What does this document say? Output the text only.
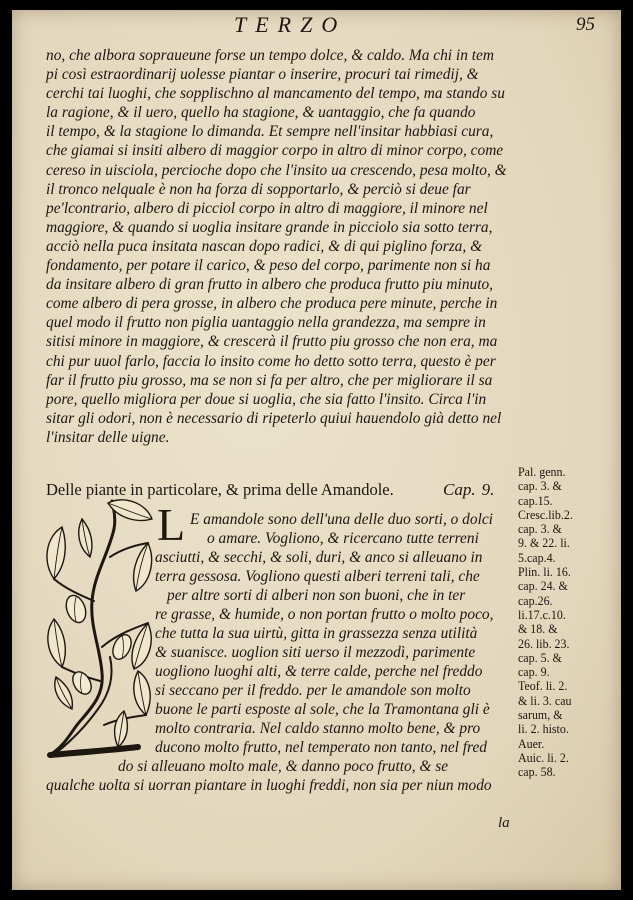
TERZO	95
no, che albora sopraueune forse un tempo dolce, & caldo. Ma chi in tem
pi così estraordinarij uolesse piantar o inserire, procuri tai rimedij, &
cerchi tai luoghi, che sopplischno al mancamento del tempo, ma stando su
la ragione, & il uero, quello ha stagione, & uantaggio, che fa quando
il tempo, & la stagione lo dimanda. Et sempre nell'insitar habbiasi cura,
che giamai si insiti albero di maggior corpo in altro di minor corpo, come
cereso in uisciola, percioche dopo che l'insito ua crescendo, pesa molto, &
il tronco nelquale è non ha forza di sopportarlo, & perciò si deue far
pe'lcontrario, albero di picciol corpo in altro di maggiore, il minore nel
maggiore, & quando si uoglia insitare grande in picciolo sia sotto terra,
acciò nella puca insitata nascan dopo radici, & di qui piglino forza, &
fondamento, per potare il carico, & peso del corpo, parimente non si ha
da insitare albero di gran frutto in albero che produca frutto piu minuto,
come albero di pera grosse, in albero che produca pere minute, perche in
quel modo il frutto non piglia uantaggio nella grandezza, ma sempre in
sitisi minore in maggiore, & crescerà il frutto piu grosso che non era, ma
chi pur uuol farlo, faccia lo insito come ho detto sotto terra, questo è per
far il frutto piu grosso, ma se non si fa per altro, che per migliorare il sa
pore, quello migliora per doue si uoglia, che sia fatto l'insito. Circa l'in
sitar gli odori, non è necessario di ripeterlo quiui hauendolo già detto nel
l'insitar delle uigne.
Delle piante in particolare, & prima delle Amandole.	Cap. 9.
L E amandole sono dell'una delle duo sorti, o dolci
o amare. Vogliono, & ricercano tutte terreni
asciutti, & secchi, & soli, duri, & anco si alleuano in
terra gessosa. Vogliono questi alberi terreni tali, che
per altre sorti di alberi non son buoni, che in ter
re grasse, & humide, o non portan frutto o molto poco,
che tutta la sua uirtù, gitta in grassezza senza utilità
& suanisce. uoglion siti uerso il mezzodì, parimente
uogliono luoghi alti, & terre calde, perche nel freddo
si seccano per il freddo. per le amandole son molto
buone le parti esposte al sole, che la Tramontana gli è
molto contraria. Nel caldo stanno molto bene, & pro
ducono molto frutto, nel temperato non tanto, nel fred
do si alleuano molto male, & danno poco frutto, & se
qualche uolta si uorran piantare in luoghi freddi, non sia per niun modo
Pal. genn.
cap. 3. &
cap.15.
Cresc.lib.2.
cap. 3. &
9. & 22. li.
5.cap.4.
Plin. li. 16.
cap. 24. &
cap.26.
li.17.c.10.
& 18. &
26. lib. 23.
cap. 5. &
cap. 9.
Teof. li. 2.
& li. 3. cau
sarum, &
li. 2. histo.
Auer.
Auic. li. 2.
cap. 58.
la
